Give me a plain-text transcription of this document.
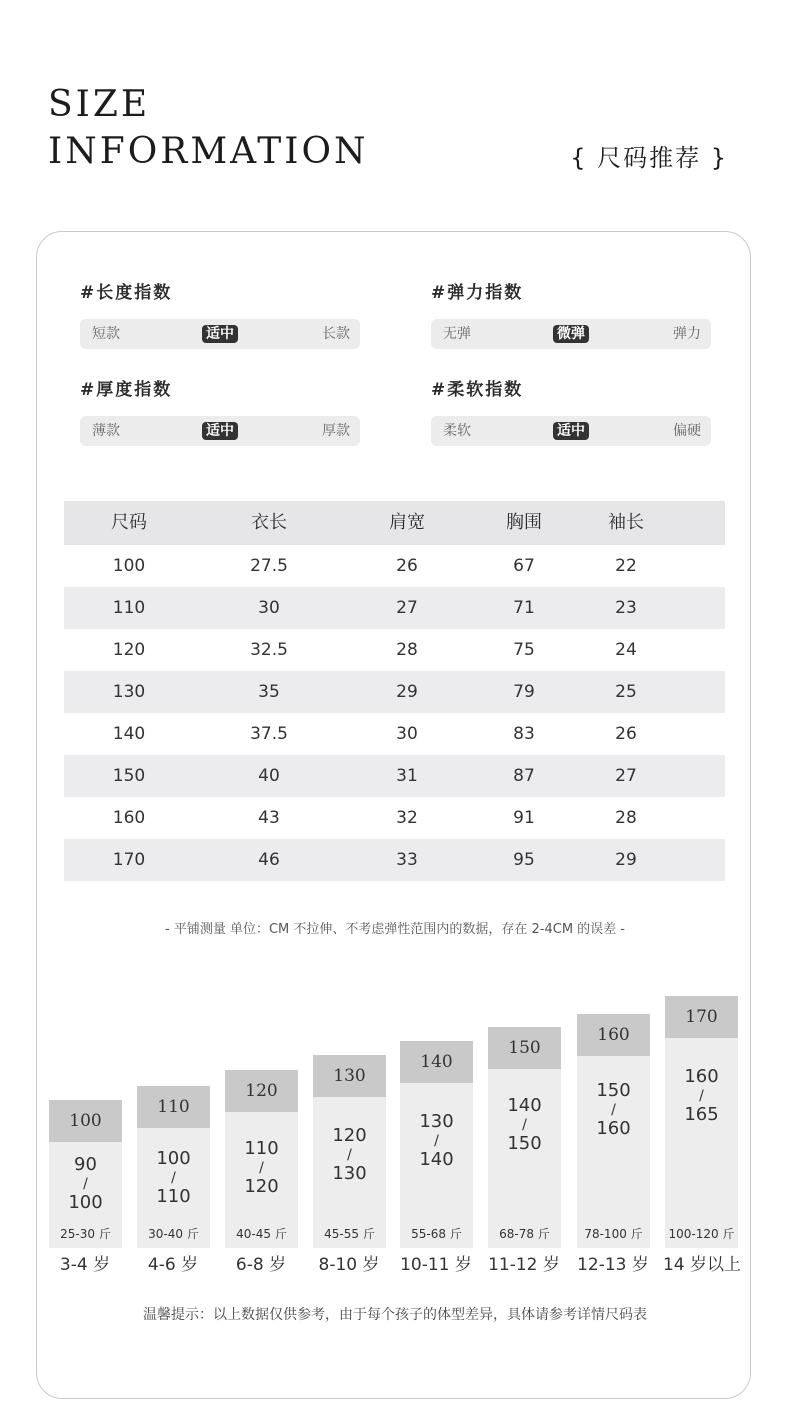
SIZE
INFORMATION	{ 尺码推荐 }
#长度指数
短款	适中	长款
#弹力指数
无弹	微弹	弹力
#厚度指数
薄款	适中	厚款
#柔软指数
柔软	适中	偏硬
尺码	衣长	肩宽	胸围	袖长
100	27.5	26	67	22
110	30	27	71	23
120	32.5	28	75	24
130	35	29	79	25
140	37.5	30	83	26
150	40	31	87	27
160	43	32	91	28
170	46	33	95	29
- 平铺测量 单位：CM 不拉伸、不考虑弹性范围内的数据，存在 2-4CM 的误差 -
100
90
/
100
25-30 斤
110
100
/
110
30-40 斤
120
110
/
120
40-45 斤
130
120
/
130
45-55 斤
140
130
/
140
55-68 斤
150
140
/
150
68-78 斤
160
150
/
160
78-100 斤
170
160
/
165
100-120 斤
3-4 岁	4-6 岁	6-8 岁	8-10 岁	10-11 岁 11-12 岁	12-13 岁 14 岁以上
温馨提示：以上数据仅供参考，由于每个孩子的体型差异，具体请参考详情尺码表
